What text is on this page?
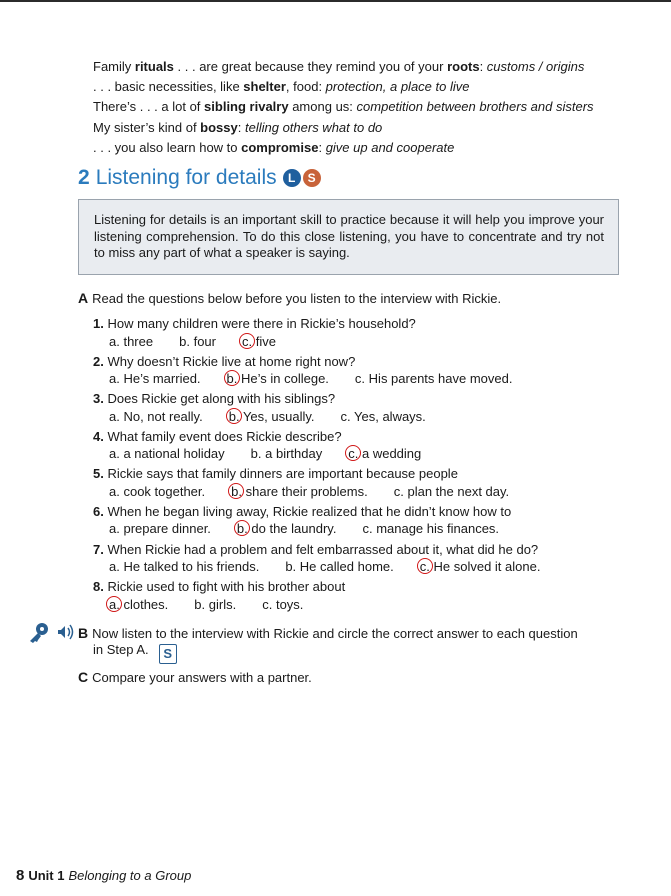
Family rituals . . . are great because they remind you of your roots: customs / origins
. . . basic necessities, like shelter, food: protection, a place to live
There’s . . . a lot of sibling rivalry among us: competition between brothers and sisters
My sister’s kind of bossy: telling others what to do
. . . you also learn how to compromise: give up and cooperate
2 Listening for details L S
Listening for details is an important skill to practice because it will help you improve your listening comprehension. To do this close listening, you have to concentrate and try not to miss any part of what a speaker is saying.
A Read the questions below before you listen to the interview with Rickie.
1. How many children were there in Rickie’s household?
a. three b. four c. five
2. Why doesn’t Rickie live at home right now?
a. He’s married. b. He’s in college. c. His parents have moved.
3. Does Rickie get along with his siblings?
a. No, not really. b. Yes, usually. c. Yes, always.
4. What family event does Rickie describe?
a. a national holiday b. a birthday c. a wedding
5. Rickie says that family dinners are important because people
a. cook together. b. share their problems. c. plan the next day.
6. When he began living away, Rickie realized that he didn’t know how to
a. prepare dinner. b. do the laundry. c. manage his finances.
7. When Rickie had a problem and felt embarrassed about it, what did he do?
a. He talked to his friends. b. He called home. c. He solved it alone.
8. Rickie used to fight with his brother about
a. clothes. b. girls. c. toys.
B Now listen to the interview with Rickie and circle the correct answer to each question
in Step A. S
C Compare your answers with a partner.
8 Unit 1 Belonging to a Group
